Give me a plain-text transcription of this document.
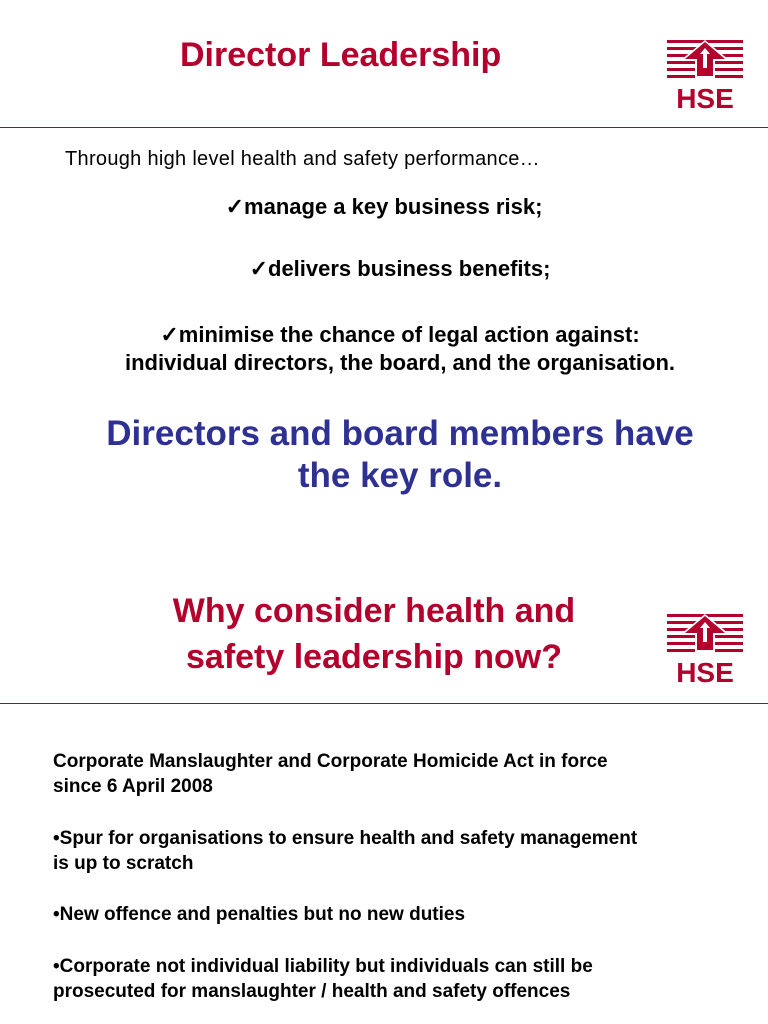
Director Leadership
HSE
Through high level health and safety performance…
✓manage a key business risk;
✓delivers business benefits;
✓minimise the chance of legal action against:
individual directors, the board, and the organisation.
Directors and board members have
the key role.
Why consider health and
safety leadership now?	HSE
Corporate Manslaughter and Corporate Homicide Act in force
since 6 April 2008
•Spur for organisations to ensure health and safety management
is up to scratch
•New offence and penalties but no new duties
•Corporate not individual liability but individuals can still be
prosecuted for manslaughter / health and safety offences
